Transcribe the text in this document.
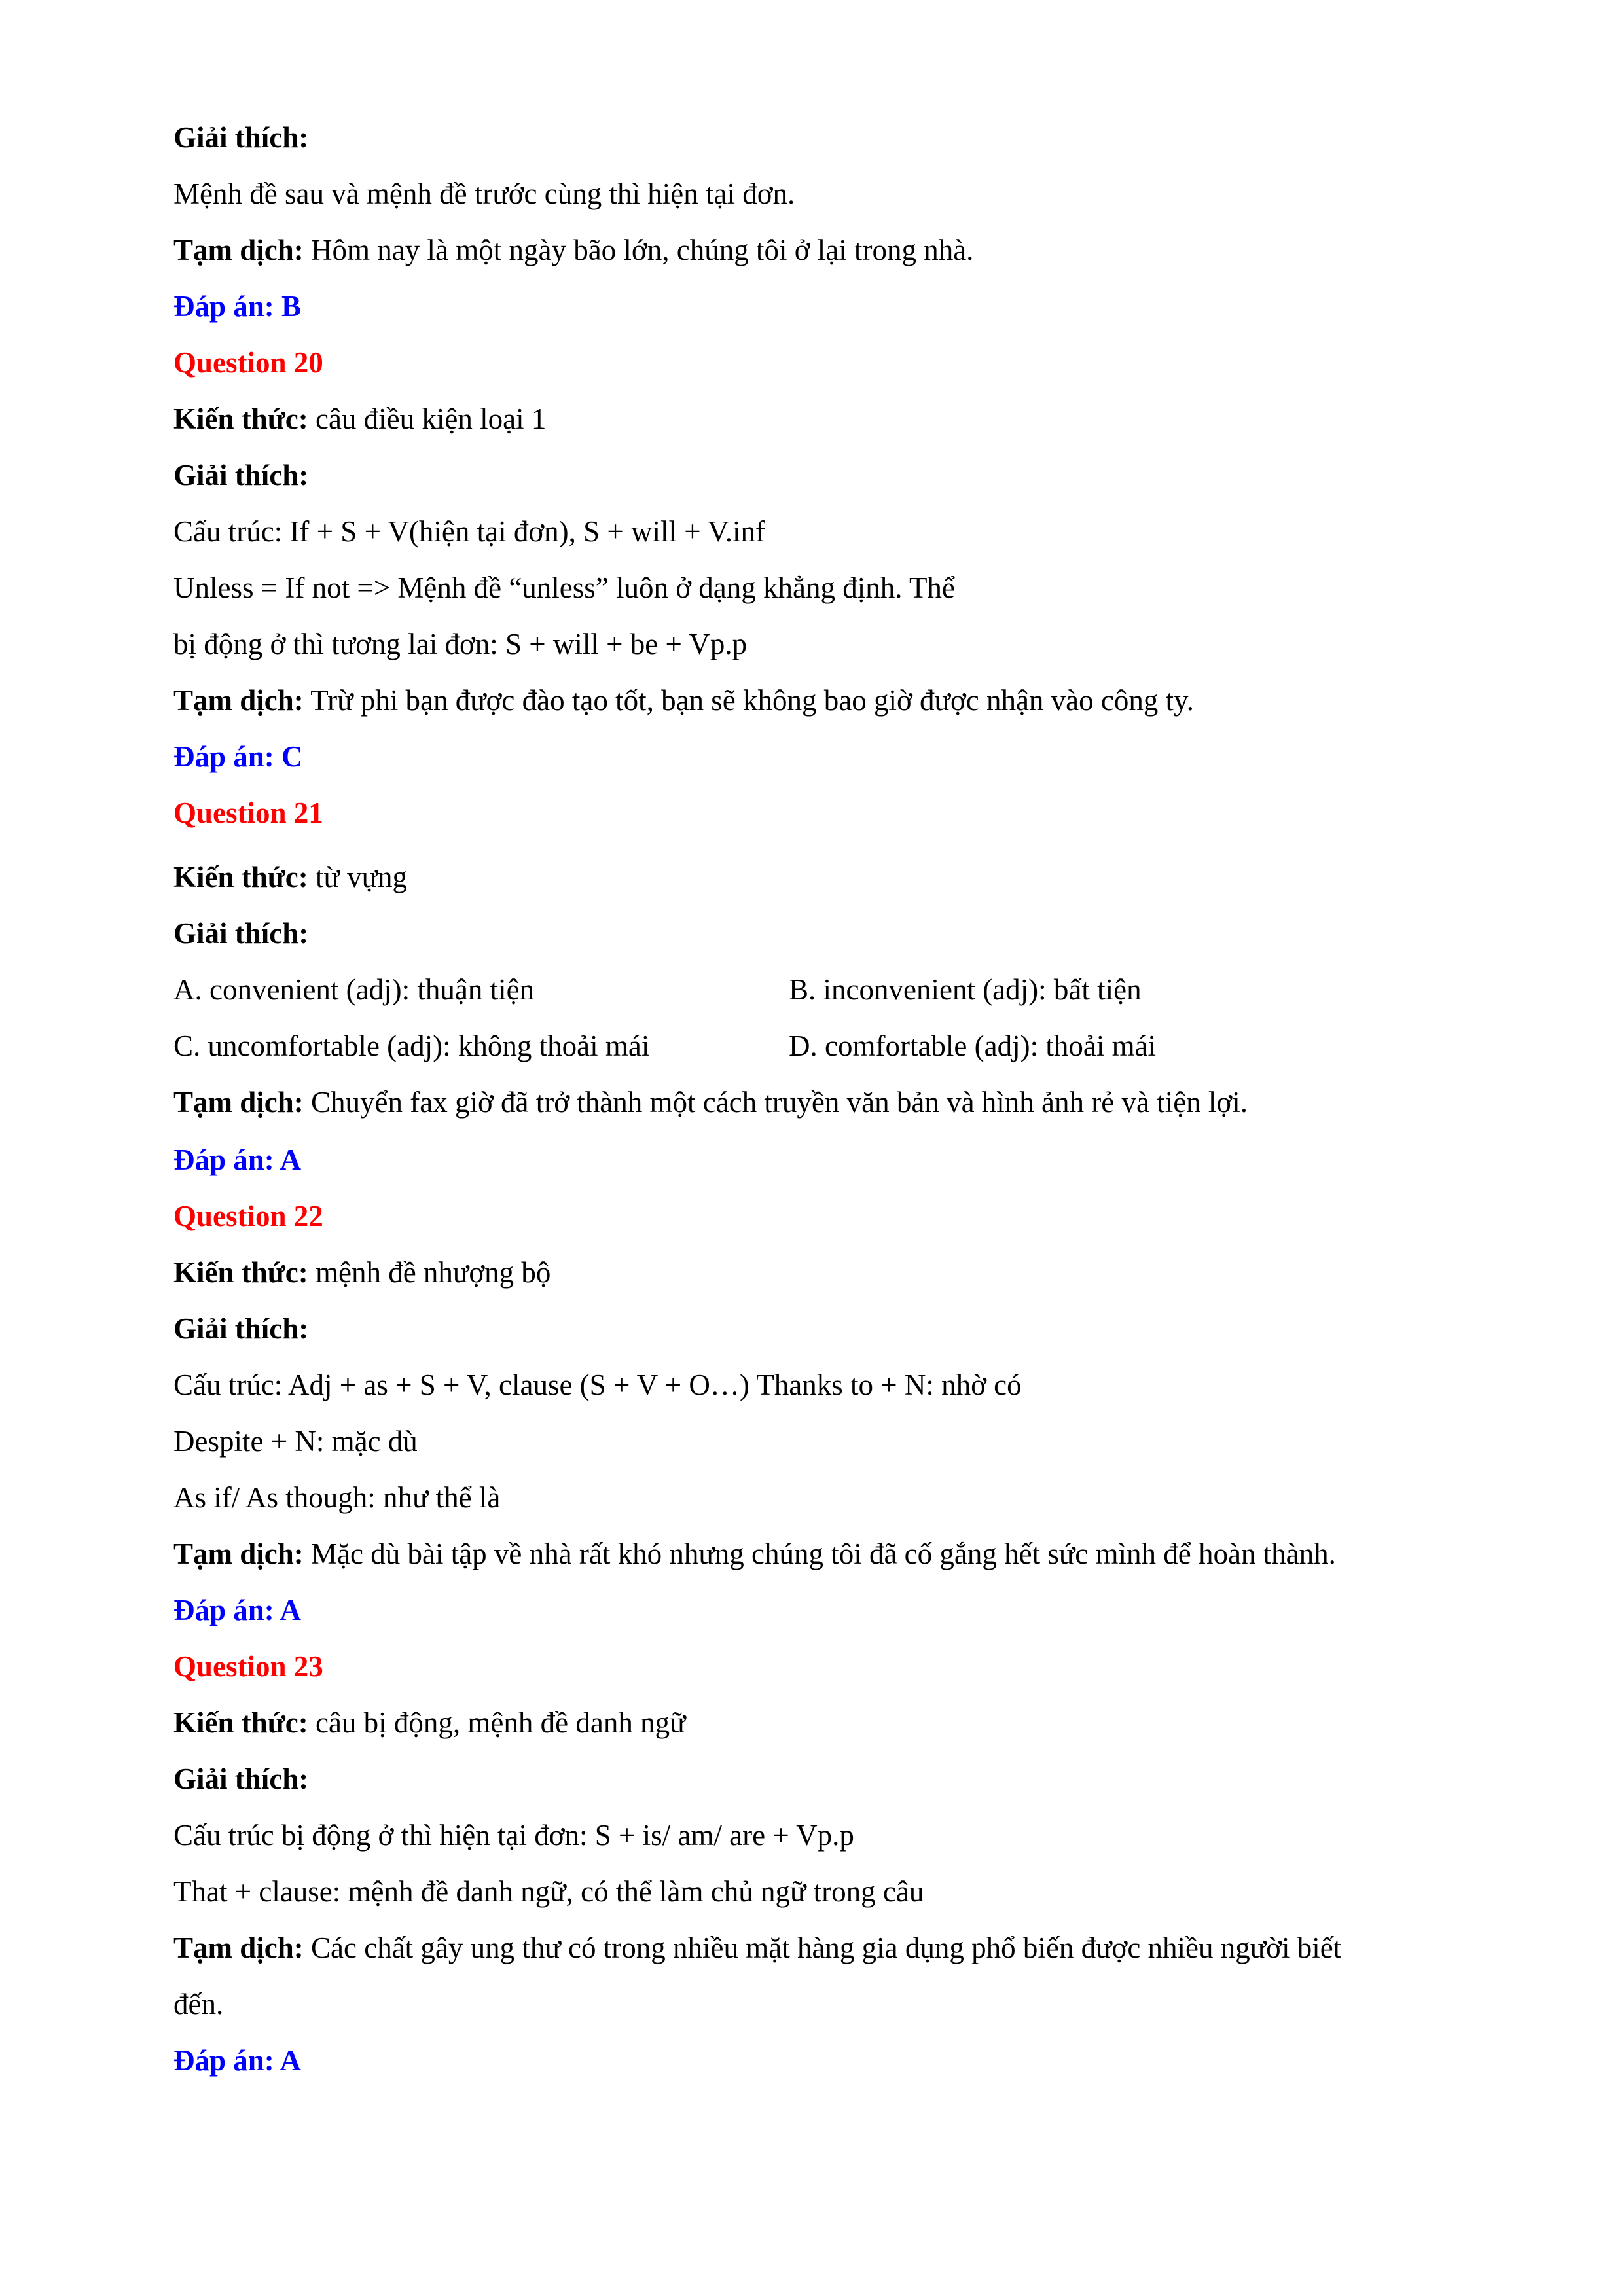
Giải thích:
Mệnh đề sau và mệnh đề trước cùng thì hiện tại đơn.
Tạm dịch: Hôm nay là một ngày bão lớn, chúng tôi ở lại trong nhà.
Đáp án: B
Question 20
Kiến thức: câu điều kiện loại 1
Giải thích:
Cấu trúc: If + S + V(hiện tại đơn), S + will + V.inf
Unless = If not => Mệnh đề “unless” luôn ở dạng khẳng định. Thể
bị động ở thì tương lai đơn: S + will + be + Vp.p
Tạm dịch: Trừ phi bạn được đào tạo tốt, bạn sẽ không bao giờ được nhận vào công ty.
Đáp án: C
Question 21
Kiến thức: từ vựng
Giải thích:
A. convenient (adj): thuận tiện	B. inconvenient (adj): bất tiện
C. uncomfortable (adj): không thoải mái	D. comfortable (adj): thoải mái
Tạm dịch: Chuyển fax giờ đã trở thành một cách truyền văn bản và hình ảnh rẻ và tiện lợi.
Đáp án: A
Question 22
Kiến thức: mệnh đề nhượng bộ
Giải thích:
Cấu trúc: Adj + as + S + V, clause (S + V + O…) Thanks to + N: nhờ có
Despite + N: mặc dù
As if/ As though: như thể là
Tạm dịch: Mặc dù bài tập về nhà rất khó nhưng chúng tôi đã cố gắng hết sức mình để hoàn thành.
Đáp án: A
Question 23
Kiến thức: câu bị động, mệnh đề danh ngữ
Giải thích:
Cấu trúc bị động ở thì hiện tại đơn: S + is/ am/ are + Vp.p
That + clause: mệnh đề danh ngữ, có thể làm chủ ngữ trong câu
Tạm dịch: Các chất gây ung thư có trong nhiều mặt hàng gia dụng phổ biến được nhiều người biết
đến.
Đáp án: A
